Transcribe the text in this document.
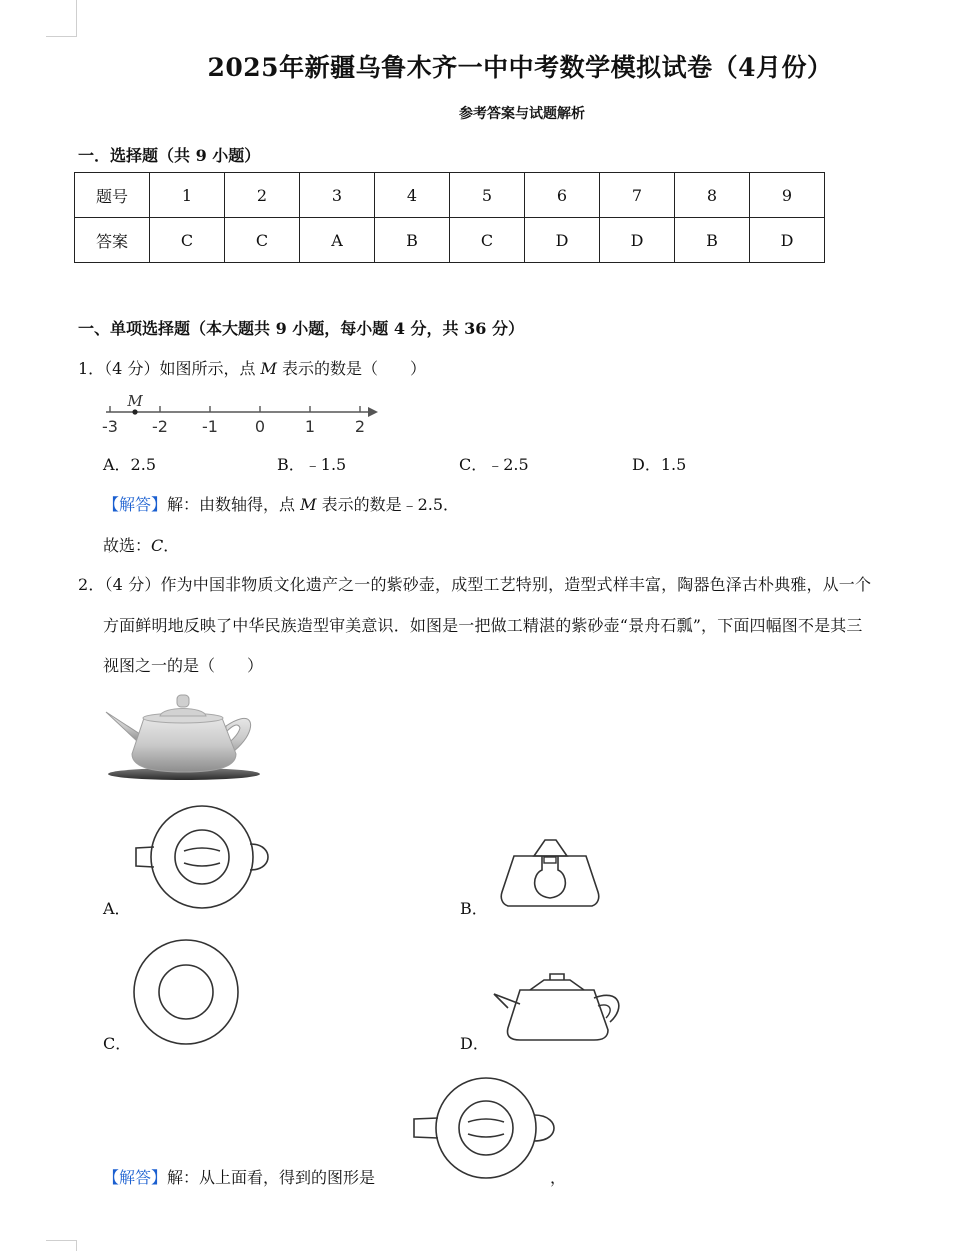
2025年新疆乌鲁木齐一中中考数学模拟试卷（4月份）
参考答案与试题解析
一．选择题（共 9 小题）
题号	1	2	3	4	5	6	7	8	9
答案	C	C	A	B	C	D	D	B	D
一、单项选择题（本大题共 9 小题，每小题 4 分，共 36 分）
1．（4 分）如图所示，点 M 表示的数是（　　）
-3 -2 -1 0 1 2
M
A．2.5	B．﹣1.5	C．﹣2.5	D．1.5
【解答】解：由数轴得，点 M 表示的数是﹣2.5．
故选：C．
2．（4 分）作为中国非物质文化遗产之一的紫砂壶，成型工艺特别，造型式样丰富，陶器色泽古朴典雅，从一个
方面鲜明地反映了中华民族造型审美意识．如图是一把做工精湛的紫砂壶“景舟石瓢”，下面四幅图不是其三
视图之一的是（　　）
A．	B．
C．	D．
【解答】解：从上面看，得到的图形是	，
